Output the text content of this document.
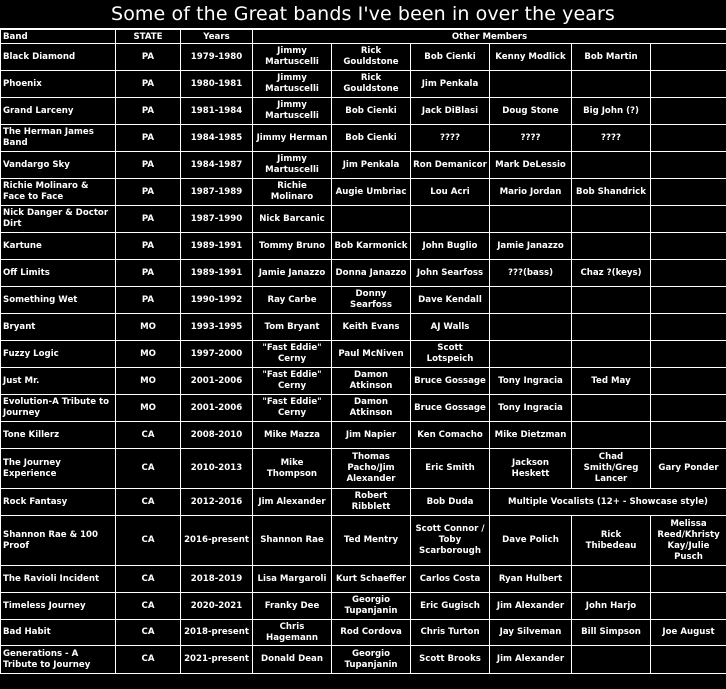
Some of the Great bands I've been in over the years
Band	STATE	Years	Other Members					
Black Diamond	PA	1979-1980	Jimmy Martuscelli	Rick Gouldstone	Bob Cienki	Kenny Modlick	Bob Martin	
Phoenix	PA	1980-1981	Jimmy Martuscelli	Rick Gouldstone	Jim Penkala			
Grand Larceny	PA	1981-1984	Jimmy Martuscelli	Bob Cienki	Jack DiBlasi	Doug Stone	Big John (?)	
The Herman James Band	PA	1984-1985	Jimmy Herman	Bob Cienki	????	????	????	
Vandargo Sky	PA	1984-1987	Jimmy Martuscelli	Jim Penkala	Ron Demanicor	Mark DeLessio		
Richie Molinaro & Face to Face	PA	1987-1989	Richie Molinaro	Augie Umbriac	Lou Acri	Mario Jordan	Bob Shandrick	
Nick Danger & Doctor Dirt	PA	1987-1990	Nick Barcanic					
Kartune	PA	1989-1991	Tommy Bruno	Bob Karmonick	John Buglio	Jamie Janazzo		
Off Limits	PA	1989-1991	Jamie Janazzo	Donna Janazzo	John Searfoss	???(bass)	Chaz ?(keys)	
Something Wet	PA	1990-1992	Ray Carbe	Donny Searfoss	Dave Kendall			
Bryant	MO	1993-1995	Tom Bryant	Keith Evans	AJ Walls			
Fuzzy Logic	MO	1997-2000	"Fast Eddie" Cerny	Paul McNiven	Scott Lotspeich			
Just Mr.	MO	2001-2006	"Fast Eddie" Cerny	Damon Atkinson	Bruce Gossage	Tony Ingracia	Ted May	
Evolution-A Tribute to Journey	MO	2001-2006	"Fast Eddie" Cerny	Damon Atkinson	Bruce Gossage	Tony Ingracia		
Tone Killerz	CA	2008-2010	Mike Mazza	Jim Napier	Ken Comacho	Mike Dietzman		
The Journey Experience	CA	2010-2013	Mike Thompson	Thomas Pacho/Jim Alexander	Eric Smith	Jackson Heskett	Chad Smith/Greg Lancer	Gary Ponder
Rock Fantasy	CA	2012-2016	Jim Alexander	Robert Ribblett	Bob Duda	Multiple Vocalists (12+ - Showcase style)		
Shannon Rae & 100 Proof	CA	2016-present	Shannon Rae	Ted Mentry	Scott Connor / Toby Scarborough	Dave Polich	Rick Thibedeau	Melissa Reed/Khristy Kay/Julie Pusch
The Ravioli Incident	CA	2018-2019	Lisa Margaroli	Kurt Schaeffer	Carlos Costa	Ryan Hulbert		
Timeless Journey	CA	2020-2021	Franky Dee	Georgio Tupanjanin	Eric Gugisch	Jim Alexander	John Harjo	
Bad Habit	CA	2018-present	Chris Hagemann	Rod Cordova	Chris Turton	Jay Silveman	Bill Simpson	Joe August
Generations - A Tribute to Journey	CA	2021-present	Donald Dean	Georgio Tupanjanin	Scott Brooks	Jim Alexander		
